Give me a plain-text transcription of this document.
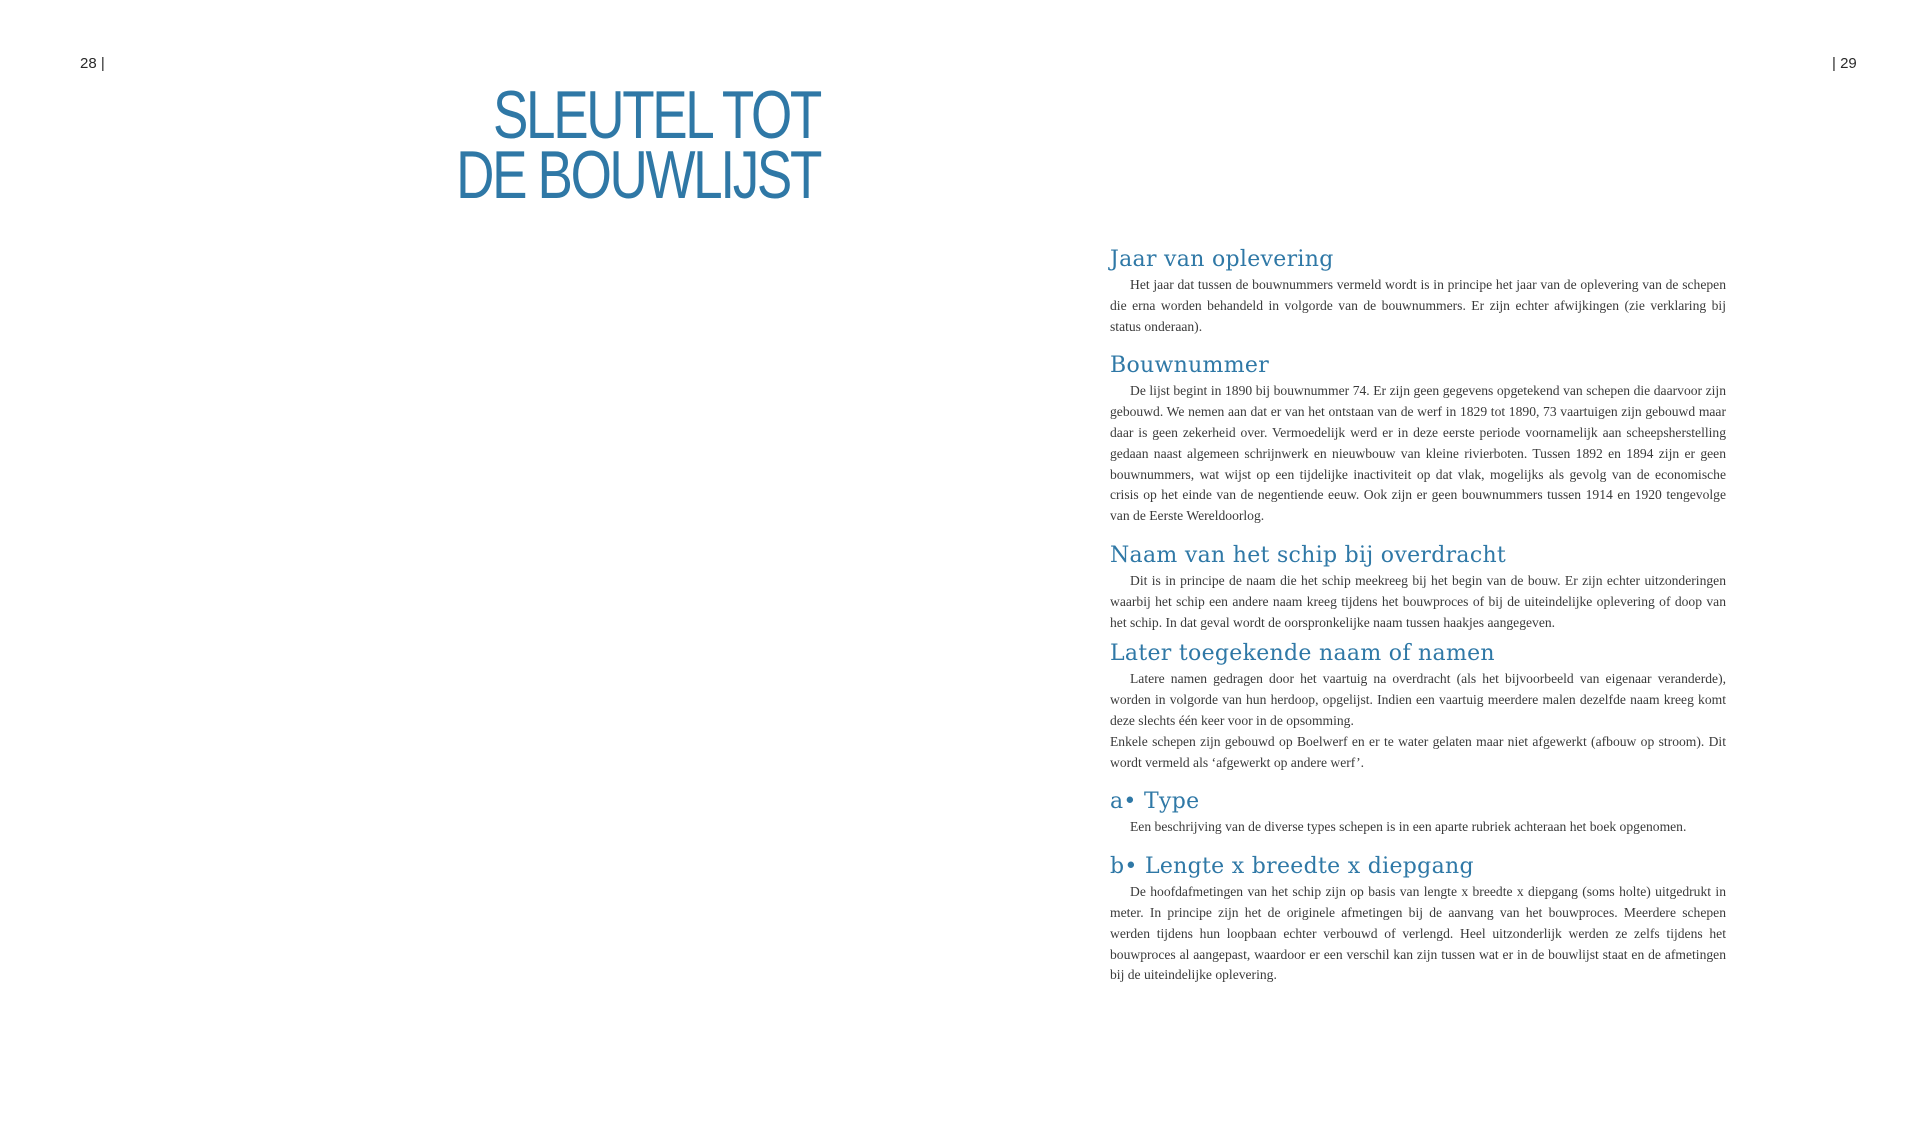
28 |	| 29
SLEUTEL TOT
DE BOUWLIJST
Jaar van oplevering

Het jaar dat tussen de bouwnummers vermeld wordt is in principe het jaar van de oplevering van de schepen die erna worden behandeld in volgorde van de bouwnummers. Er zijn echter afwijkingen (zie verklaring bij status onderaan).

Bouwnummer

De lijst begint in 1890 bij bouwnummer 74. Er zijn geen gegevens opgetekend van schepen die daarvoor zijn gebouwd. We nemen aan dat er van het ontstaan van de werf in 1829 tot 1890, 73 vaartuigen zijn gebouwd maar daar is geen zekerheid over. Vermoedelijk werd er in deze eerste periode voornamelijk aan scheepsherstelling gedaan naast algemeen schrijnwerk en nieuwbouw van kleine rivierboten. Tussen 1892 en 1894 zijn er geen bouwnummers, wat wijst op een tijdelijke inactiviteit op dat vlak, mogelijks als gevolg van de economische crisis op het einde van de negentiende eeuw. Ook zijn er geen bouwnummers tussen 1914 en 1920 tengevolge van de Eerste Wereldoorlog.

Naam van het schip bij overdracht

Dit is in principe de naam die het schip meekreeg bij het begin van de bouw. Er zijn echter uitzonderingen waarbij het schip een andere naam kreeg tijdens het bouwproces of bij de uiteindelijke oplevering of doop van het schip. In dat geval wordt de oorspronkelijke naam tussen haakjes aangegeven.

Later toegekende naam of namen

Latere namen gedragen door het vaartuig na overdracht (als het bijvoorbeeld van eigenaar veranderde), worden in volgorde van hun herdoop, opgelijst. Indien een vaartuig meerdere malen dezelfde naam kreeg komt deze slechts één keer voor in de opsomming.

Enkele schepen zijn gebouwd op Boelwerf en er te water gelaten maar niet afgewerkt (afbouw op stroom). Dit wordt vermeld als ‘afgewerkt op andere werf’.

a• Type

Een beschrijving van de diverse types schepen is in een aparte rubriek achteraan het boek opgenomen.

b• Lengte x breedte x diepgang

De hoofdafmetingen van het schip zijn op basis van lengte x breedte x diepgang (soms holte) uitgedrukt in meter. In principe zijn het de originele afmetingen bij de aanvang van het bouwproces. Meerdere schepen werden tijdens hun loopbaan echter verbouwd of verlengd. Heel uitzonderlijk werden ze zelfs tijdens het bouwproces al aangepast, waardoor er een verschil kan zijn tussen wat er in de bouwlijst staat en de afmetingen bij de uiteindelijke oplevering.
